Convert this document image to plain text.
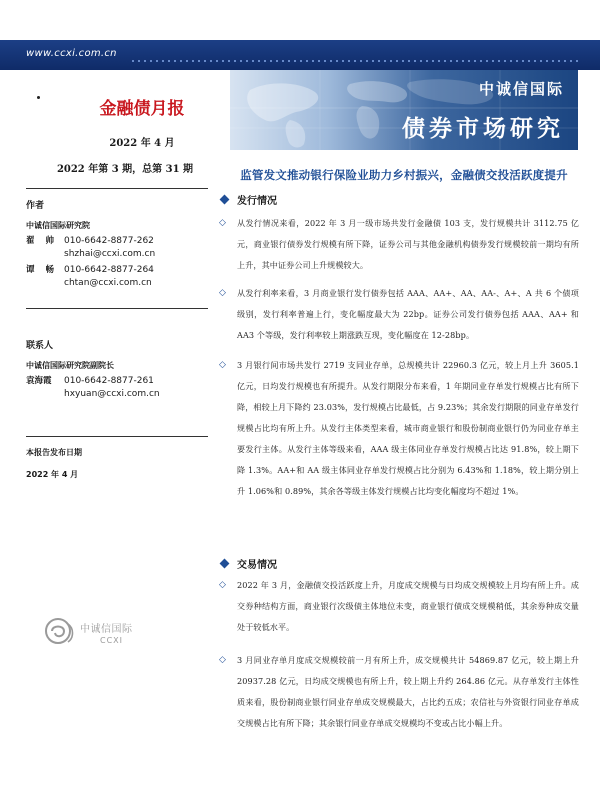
www.ccxi.com.cn
中诚信国际
债券市场研究
金融债月报
2022 年 4 月
2022 年第 3 期，总第 31 期
作者
中诚信国际研究院
翟 帅 010-6642-8877-262
shzhai@ccxi.com.cn
谭 畅 010-6642-8877-264
chtan@ccxi.com.cn
联系人
中诚信国际研究院副院长
袁海霞	010-6642-8877-261
hxyuan@ccxi.com.cn
本报告发布日期
2022 年 4 月
中诚信国际
CCXI
监管发文推动银行保险业助力乡村振兴，金融债交投活跃度提升
发行情况
◇	从发行情况来看，2022 年 3 月一级市场共发行金融债 103 支，发行规模共计 3112.75 亿元，商业银行债券发行规模有所下降，证券公司与其他金融机构债券发行规模较前一期均有所上升，其中证券公司上升规模较大。
◇	从发行利率来看，3 月商业银行发行债券包括 AAA、AA+、AA、AA-、A+、A 共 6 个债项级别，发行利率普遍上行，变化幅度最大为 22bp。证券公司发行债券包括 AAA、AA+ 和 AA3 个等级，发行利率较上期涨跌互现，变化幅度在 12-28bp。
◇	3 月银行间市场共发行 2719 支同业存单，总规模共计 22960.3 亿元，较上月上升 3605.1 亿元，日均发行规模也有所提升。从发行期限分布来看，1 年期同业存单发行规模占比有所下降，相较上月下降约 23.03%，发行规模占比最低，占 9.23%；其余发行期限的同业存单发行规模占比均有所上升。从发行主体类型来看，城市商业银行和股份制商业银行仍为同业存单主要发行主体。从发行主体等级来看，AAA 级主体同业存单发行规模占比达 91.8%，较上期下降 1.3%。AA+和 AA 级主体同业存单发行规模占比分别为 6.43%和 1.18%，较上期分别上升 1.06%和 0.89%，其余各等级主体发行规模占比均变化幅度均不超过 1%。
交易情况
◇	2022 年 3 月，金融债交投活跃度上升，月度成交规模与日均成交规模较上月均有所上升。成交券种结构方面，商业银行次级债主体地位未变，商业银行债成交规模稍低，其余券种成交量处于较低水平。
◇	3 月同业存单月度成交规模较前一月有所上升，成交规模共计 54869.87 亿元，较上期上升 20937.28 亿元，日均成交规模也有所上升，较上期上升约 264.86 亿元。从存单发行主体性质来看，股份制商业银行同业存单成交规模最大，占比约五成；农信社与外资银行同业存单成交规模占比有所下降；其余银行同业存单成交规模均不变或占比小幅上升。
